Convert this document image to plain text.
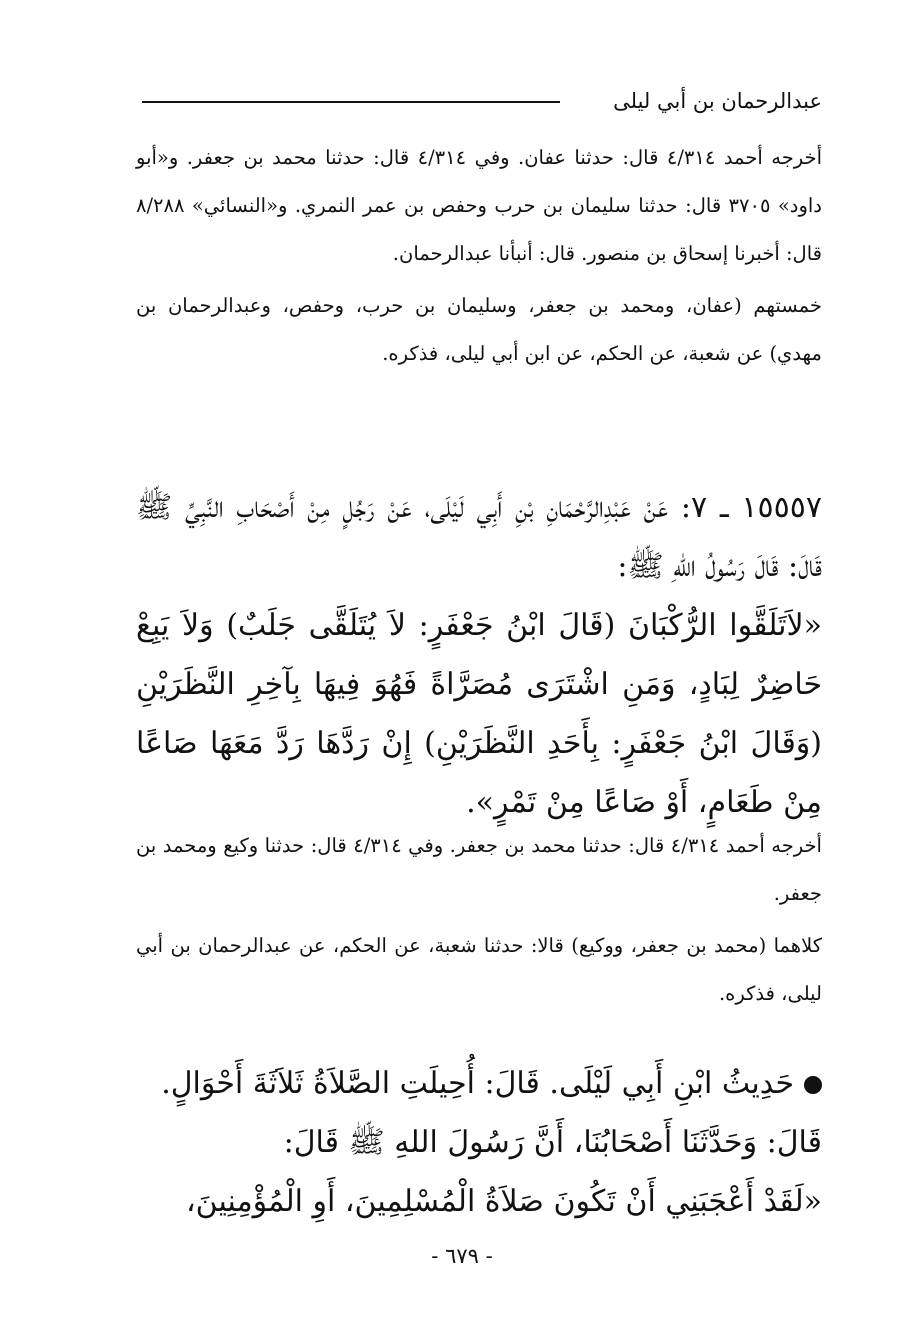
عبدالرحمان بن أبي ليلى

أخرجه أحمد ٤/٣١٤ قال: حدثنا عفان. وفي ٤/٣١٤ قال: حدثنا محمد بن جعفر. و«أبو داود» ٣٧٠٥ قال: حدثنا سليمان بن حرب وحفص بن عمر النمري. و«النسائي» ٨/٢٨٨ قال: أخبرنا إسحاق بن منصور. قال: أنبأنا عبدالرحمان.

خمستهم (عفان، ومحمد بن جعفر، وسليمان بن حرب، وحفص، وعبدالرحمان بن مهدي) عن شعبة، عن الحكم، عن ابن أبي ليلى، فذكره.

١٥٥٥٧ ـ ٧: عَنْ عَبْدِالرَّحْمَانِ بْنِ أَبِي لَيْلَى، عَنْ رَجُلٍ مِنْ أَصْحَابِ النَّبِيِّ ﷺ قَالَ: قَالَ رَسُولُ اللهِ ﷺ:

«لاَتَلَقَّوا الرُّكْبَانَ (قَالَ ابْنُ جَعْفَرٍ: لاَ يُتَلَقَّى جَلَبٌ) وَلاَ يَبِعْ حَاضِرٌ لِبَادٍ، وَمَنِ اشْتَرَى مُصَرَّاةً فَهُوَ فِيهَا بِآخِرِ النَّظَرَيْنِ (وَقَالَ ابْنُ جَعْفَرٍ: بِأَحَدِ النَّظَرَيْنِ) إِنْ رَدَّهَا رَدَّ مَعَهَا صَاعًا مِنْ طَعَامٍ، أَوْ صَاعًا مِنْ تَمْرٍ».

أخرجه أحمد ٤/٣١٤ قال: حدثنا محمد بن جعفر. وفي ٤/٣١٤ قال: حدثنا وكيع ومحمد بن جعفر.

كلاهما (محمد بن جعفر، ووكيع) قالا: حدثنا شعبة، عن الحكم، عن عبدالرحمان بن أبي ليلى، فذكره.

حَدِيثُ ابْنِ أَبِي لَيْلَى. قَالَ: أُحِيلَتِ الصَّلاَةُ ثَلاَثَةَ أَحْوَالٍ.

قَالَ: وَحَدَّثَنَا أَصْحَابُنَا، أَنَّ رَسُولَ اللهِ ﷺ قَالَ:

«لَقَدْ أَعْجَبَنِي أَنْ تَكُونَ صَلاَةُ الْمُسْلِمِينَ، أَوِ الْمُؤْمِنِينَ،

- ٦٧٩ -
